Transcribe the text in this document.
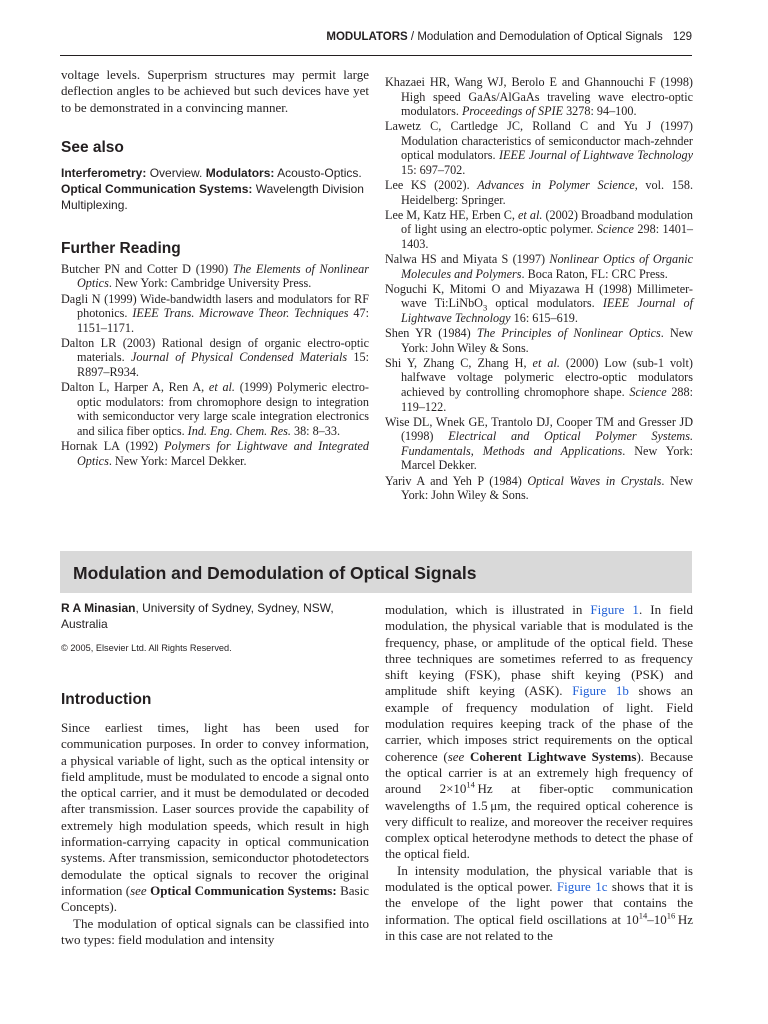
MODULATORS / Modulation and Demodulation of Optical Signals 129

voltage levels. Superprism structures may permit large deflection angles to be achieved but such devices have yet to be demonstrated in a convincing manner.

See also
Interferometry: Overview. Modulators: Acousto-Optics. Optical Communication Systems: Wavelength Division Multiplexing.
Further Reading
Butcher PN and Cotter D (1990) The Elements of Nonlinear Optics. New York: Cambridge University Press.
Dagli N (1999) Wide-bandwidth lasers and modulators for RF photonics. IEEE Trans. Microwave Theor. Techniques 47: 1151–1171.
Dalton LR (2003) Rational design of organic electro-optic materials. Journal of Physical Condensed Materials 15: R897–R934.
Dalton L, Harper A, Ren A, et al. (1999) Polymeric electro-optic modulators: from chromophore design to integration with semiconductor very large scale integration electronics and silica fiber optics. Ind. Eng. Chem. Res. 38: 8–33.
Hornak LA (1992) Polymers for Lightwave and Integrated Optics. New York: Marcel Dekker.
Khazaei HR, Wang WJ, Berolo E and Ghannouchi F (1998) High speed GaAs/AlGaAs traveling wave electro-optic modulators. Proceedings of SPIE 3278: 94–100.
Lawetz C, Cartledge JC, Rolland C and Yu J (1997) Modulation characteristics of semiconductor mach-zehnder optical modulators. IEEE Journal of Lightwave Technology 15: 697–702.
Lee KS (2002). Advances in Polymer Science, vol. 158. Heidelberg: Springer.
Lee M, Katz HE, Erben C, et al. (2002) Broadband modulation of light using an electro-optic polymer. Science 298: 1401–1403.
Nalwa HS and Miyata S (1997) Nonlinear Optics of Organic Molecules and Polymers. Boca Raton, FL: CRC Press.
Noguchi K, Mitomi O and Miyazawa H (1998) Millimeter-wave Ti:LiNbO$_3$ optical modulators. IEEE Journal of Lightwave Technology 16: 615–619.
Shen YR (1984) The Principles of Nonlinear Optics. New York: John Wiley & Sons.
Shi Y, Zhang C, Zhang H, et al. (2000) Low (sub-1 volt) halfwave voltage polymeric electro-optic modulators achieved by controlling chromophore shape. Science 288: 119–122.
Wise DL, Wnek GE, Trantolo DJ, Cooper TM and Gresser JD (1998) Electrical and Optical Polymer Systems. Fundamentals, Methods and Applications. New York: Marcel Dekker.
Yariv A and Yeh P (1984) Optical Waves in Crystals. New York: John Wiley & Sons.
Modulation and Demodulation of Optical Signals

R A Minasian, University of Sydney, Sydney, NSW, Australia

© 2005, Elsevier Ltd. All Rights Reserved.
Introduction

Since earliest times, light has been used for communication purposes. In order to convey information, a physical variable of light, such as the optical intensity or field amplitude, must be modulated to encode a signal onto the optical carrier, and it must be demodulated or decoded after transmission. Laser sources provide the capability of extremely high modulation speeds, which result in high information-carrying capacity in optical communication systems. After transmission, semiconductor photodetectors demodulate the optical signals to recover the original information (see Optical Communication Systems: Basic Concepts).

The modulation of optical signals can be classified into two types: field modulation and intensity

modulation, which is illustrated in Figure 1. In field modulation, the physical variable that is modulated is the frequency, phase, or amplitude of the optical field. These three techniques are sometimes referred to as frequency shift keying (FSK), phase shift keying (PSK) and amplitude shift keying (ASK). Figure 1b shows an example of frequency modulation of light. Field modulation requires keeping track of the phase of the carrier, which imposes strict requirements on the optical coherence (see Coherent Lightwave Systems). Because the optical carrier is at an extremely high frequency of around $2\times 10^{14}$ Hz at fiber-optic communication wavelengths of 1.5 μm, the required optical coherence is very difficult to realize, and moreover the receiver requires complex optical heterodyne methods to detect the phase of the optical field.

In intensity modulation, the physical variable that is modulated is the optical power. Figure 1c shows that it is the envelope of the light power that contains the information. The optical field oscillations at $10^{14}-10^{16}$ Hz in this case are not related to the
